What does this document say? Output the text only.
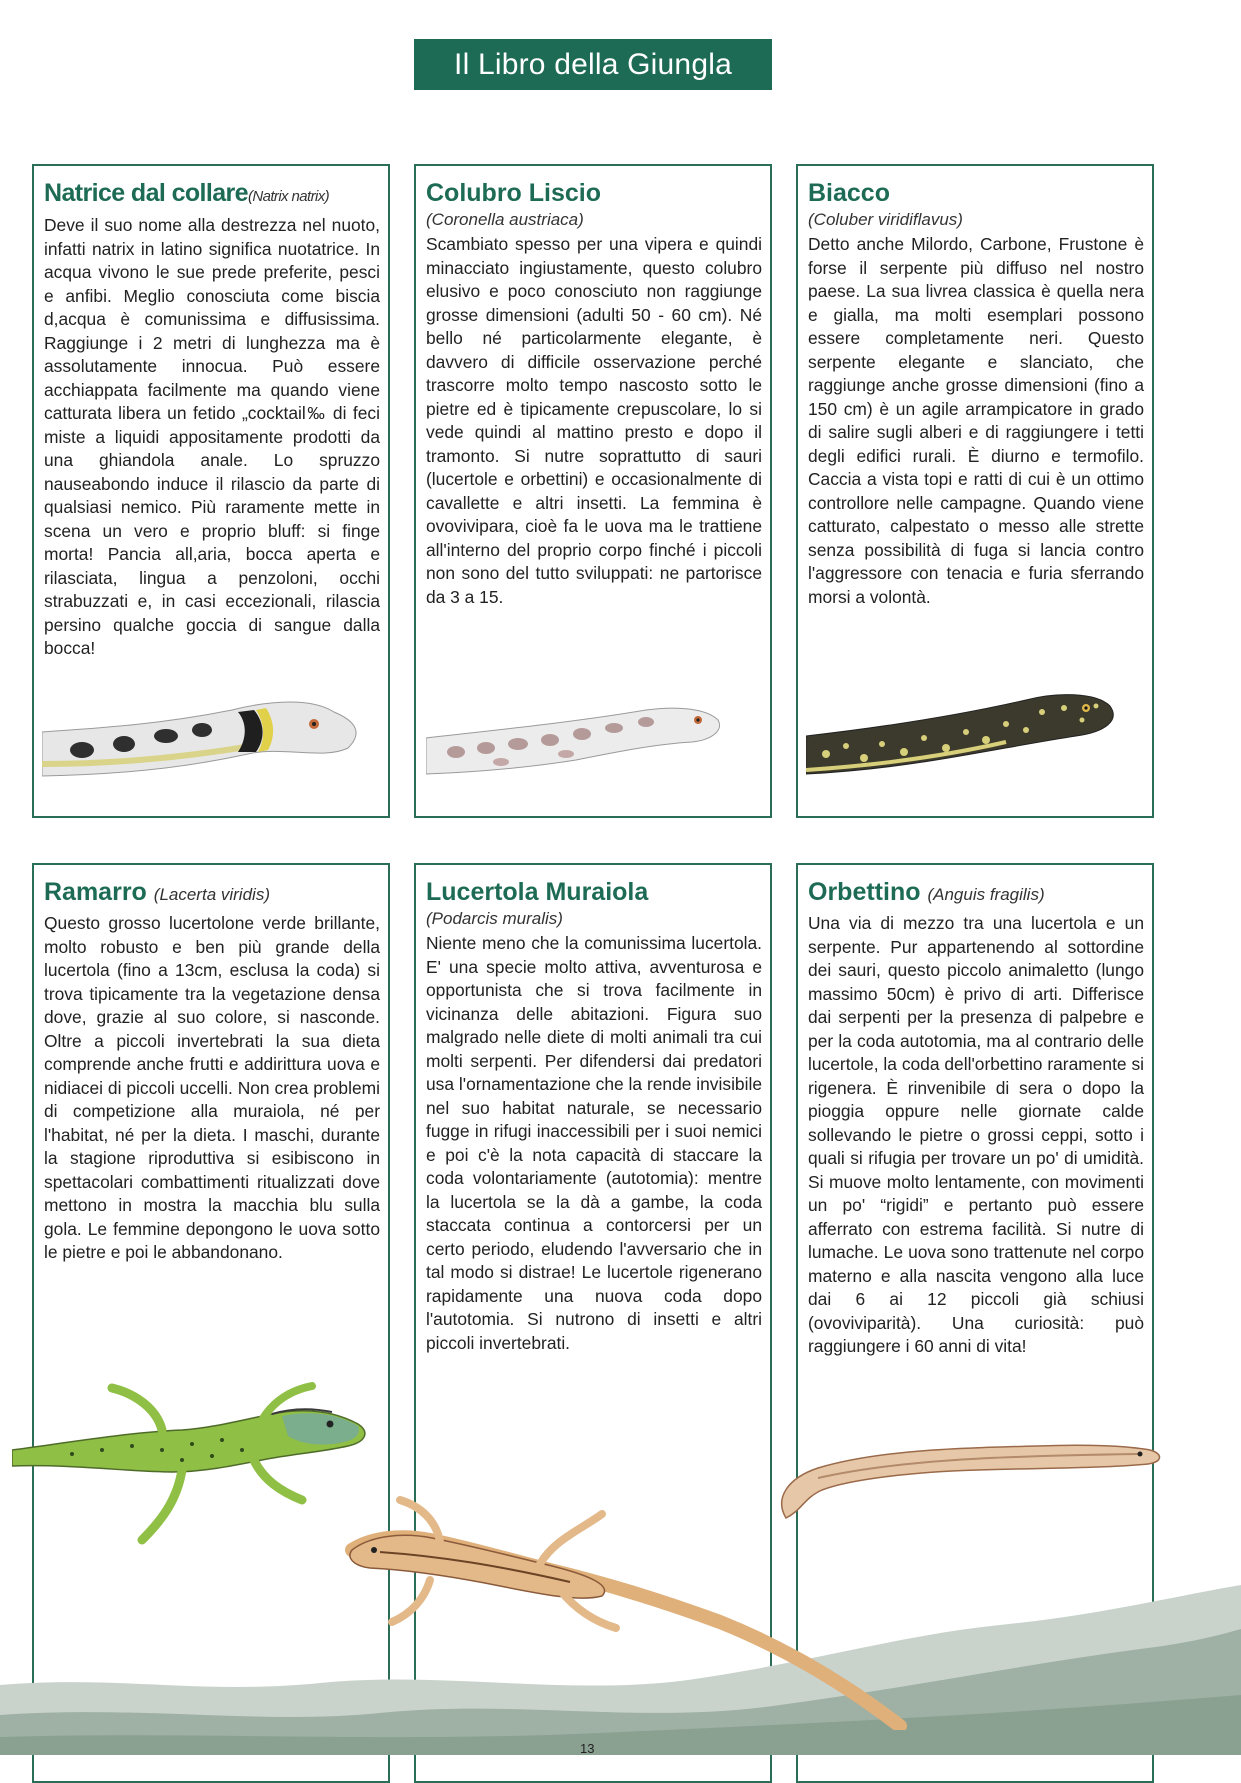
Il Libro della Giungla
Natrice dal collare(Natrix natrix)
Deve il suo nome alla destrezza nel nuoto, infatti natrix in latino significa nuotatrice. In acqua vivono le sue prede preferite, pesci e anfibi. Meglio conosciuta come biscia d,acqua è comunissima e diffusissima. Raggiunge i 2 metri di lunghezza ma è assolutamente innocua. Può essere acchiappata facilmente ma quando viene catturata libera un fetido „cocktail‰ di feci miste a liquidi appositamente prodotti da una ghiandola anale. Lo spruzzo nauseabondo induce il rilascio da parte di qualsiasi nemico. Più raramente mette in scena un vero e proprio bluff: si finge morta! Pancia all,aria, bocca aperta e rilasciata, lingua a penzoloni, occhi strabuzzati e, in casi eccezionali, rilascia persino qualche goccia di sangue dalla bocca!
Colubro Liscio
(Coronella austriaca)
Scambiato spesso per una vipera e quindi minacciato ingiustamente, questo colubro elusivo e poco conosciuto non raggiunge grosse dimensioni (adulti 50 - 60 cm). Né bello né particolarmente elegante, è davvero di difficile osservazione perché trascorre molto tempo nascosto sotto le pietre ed è tipicamente crepuscolare, lo si vede quindi al mattino presto e dopo il tramonto. Si nutre soprattutto di sauri (lucertole e orbettini) e occasionalmente di cavallette e altri insetti. La femmina è ovovivipara, cioè fa le uova ma le trattiene all'interno del proprio corpo finché i piccoli non sono del tutto sviluppati: ne partorisce da 3 a 15.
Biacco
(Coluber viridiflavus)
Detto anche Milordo, Carbone, Frustone è forse il serpente più diffuso nel nostro paese. La sua livrea classica è quella nera e gialla, ma molti esemplari possono essere completamente neri. Questo serpente elegante e slanciato, che raggiunge anche grosse dimensioni (fino a 150 cm) è un agile arrampicatore in grado di salire sugli alberi e di raggiungere i tetti degli edifici rurali. È diurno e termofilo. Caccia a vista topi e ratti di cui è un ottimo controllore nelle campagne. Quando viene catturato, calpestato o messo alle strette senza possibilità di fuga si lancia contro l'aggressore con tenacia e furia sferrando morsi a volontà.
Ramarro (Lacerta viridis)
Questo grosso lucertolone verde brillante, molto robusto e ben più grande della lucertola (fino a 13cm, esclusa la coda) si trova tipicamente tra la vegetazione densa dove, grazie al suo colore, si nasconde. Oltre a piccoli invertebrati la sua dieta comprende anche frutti e addirittura uova e nidiacei di piccoli uccelli. Non crea problemi di competizione alla muraiola, né per l'habitat, né per la dieta. I maschi, durante la stagione riproduttiva si esibiscono in spettacolari combattimenti ritualizzati dove mettono in mostra la macchia blu sulla gola. Le femmine depongono le uova sotto le pietre e poi le abbandonano.
Lucertola Muraiola
(Podarcis muralis)
Niente meno che la comunissima lucertola. E' una specie molto attiva, avventurosa e opportunista che si trova facilmente in vicinanza delle abitazioni. Figura suo malgrado nelle diete di molti animali tra cui molti serpenti. Per difendersi dai predatori usa l'ornamentazione che la rende invisibile nel suo habitat naturale, se necessario fugge in rifugi inaccessibili per i suoi nemici e poi c'è la nota capacità di staccare la coda volontariamente (autotomia): mentre la lucertola se la dà a gambe, la coda staccata continua a contorcersi per un certo periodo, eludendo l'avversario che in tal modo si distrae! Le lucertole rigenerano rapidamente una nuova coda dopo l'autotomia. Si nutrono di insetti e altri piccoli invertebrati.
Orbettino (Anguis fragilis)
Una via di mezzo tra una lucertola e un serpente. Pur appartenendo al sottordine dei sauri, questo piccolo animaletto (lungo massimo 50cm) è privo di arti. Differisce dai serpenti per la presenza di palpebre e per la coda autotomia, ma al contrario delle lucertole, la coda dell'orbettino raramente si rigenera. È rinvenibile di sera o dopo la pioggia oppure nelle giornate calde sollevando le pietre o grossi ceppi, sotto i quali si rifugia per trovare un po' di umidità. Si muove molto lentamente, con movimenti un po' “rigidi” e pertanto può essere afferrato con estrema facilità. Si nutre di lumache. Le uova sono trattenute nel corpo materno e alla nascita vengono alla luce dai 6 ai 12 piccoli già schiusi (ovoviviparità). Una curiosità: può raggiungere i 60 anni di vita!
13
